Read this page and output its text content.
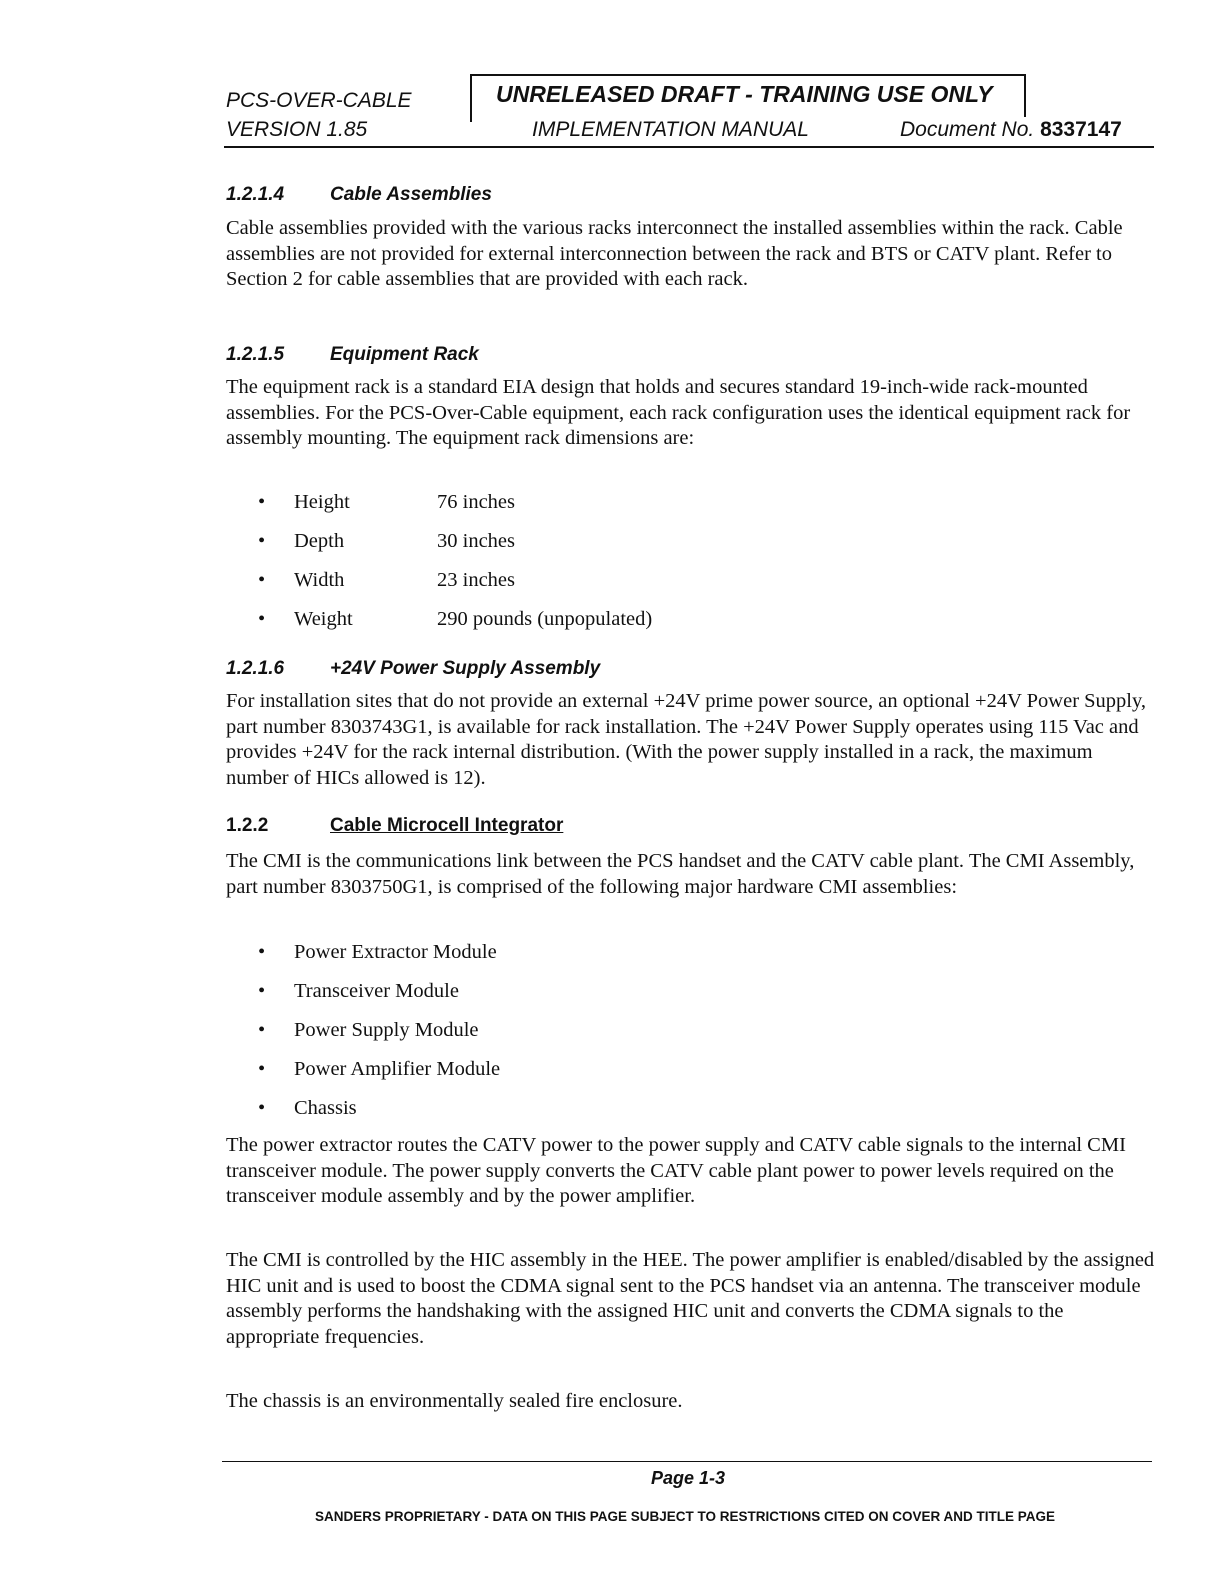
PCS-OVER-CABLE
VERSION 1.85
UNRELEASED DRAFT - TRAINING USE ONLY
IMPLEMENTATION MANUAL	Document No. 8337147
1.2.1.4 Cable Assemblies

Cable assemblies provided with the various racks interconnect the installed assemblies within the rack. Cable assemblies are not provided for external interconnection between the rack and BTS or CATV plant. Refer to Section 2 for cable assemblies that are provided with each rack.

1.2.1.5 Equipment Rack

The equipment rack is a standard EIA design that holds and secures standard 19-inch-wide rack-mounted assemblies. For the PCS-Over-Cable equipment, each rack configuration uses the identical equipment rack for assembly mounting. The equipment rack dimensions are:

• Height	76 inches
• Depth	30 inches
• Width	23 inches
• Weight	290 pounds (unpopulated)
1.2.1.6 +24V Power Supply Assembly

For installation sites that do not provide an external +24V prime power source, an optional +24V Power Supply, part number 8303743G1, is available for rack installation. The +24V Power Supply operates using 115 Vac and provides +24V for the rack internal distribution. (With the power supply installed in a rack, the maximum number of HICs allowed is 12).

1.2.2	Cable Microcell Integrator

The CMI is the communications link between the PCS handset and the CATV cable plant. The CMI Assembly, part number 8303750G1, is comprised of the following major hardware CMI assemblies:

• Power Extractor Module
• Transceiver Module
• Power Supply Module
• Power Amplifier Module
• Chassis

The power extractor routes the CATV power to the power supply and CATV cable signals to the internal CMI transceiver module. The power supply converts the CATV cable plant power to power levels required on the transceiver module assembly and by the power amplifier.

The CMI is controlled by the HIC assembly in the HEE. The power amplifier is enabled/disabled by the assigned HIC unit and is used to boost the CDMA signal sent to the PCS handset via an antenna. The transceiver module assembly performs the handshaking with the assigned HIC unit and converts the CDMA signals to the appropriate frequencies.

The chassis is an environmentally sealed fire enclosure.

Page 1-3
SANDERS PROPRIETARY - DATA ON THIS PAGE SUBJECT TO RESTRICTIONS CITED ON COVER AND TITLE PAGE
